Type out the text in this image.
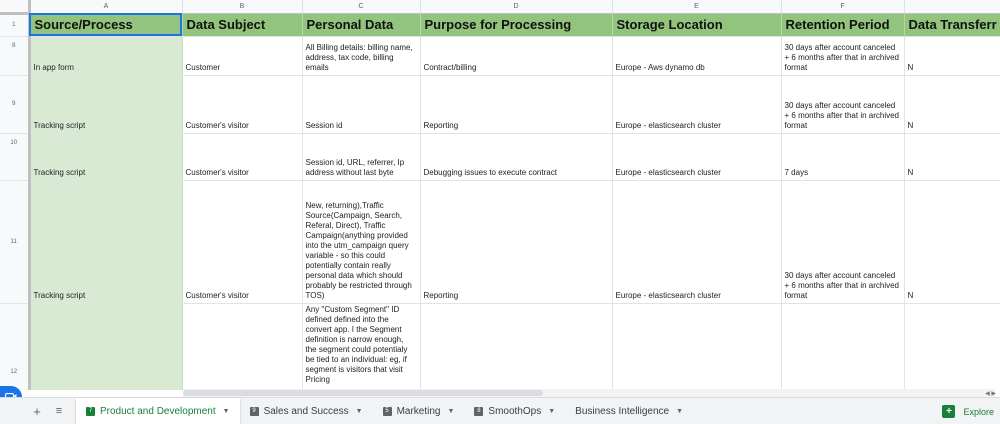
	A	B	C	D	E	F	
1	Source/Process	Data Subject	Personal Data	Purpose for Processing	Storage Location	Retention Period	Data Transferr
8	In app form	Customer	All Billing details: billing name, address, tax code, billing emails	Contract/billing	Europe - Aws dynamo db	30 days after account canceled + 6 months after that in archived format	N
9	Tracking script	Customer's visitor	Session id	Reporting	Europe - elasticsearch cluster	30 days after account canceled + 6 months after that in archived format	N
10	Tracking script	Customer's visitor	Session id, URL, referrer, Ip address without last byte	Debugging issues to execute contract	Europe - elasticsearch cluster	7 days	N
11	Tracking script	Customer's visitor	New, returning),Traffic Source(Campaign, Search, Referal, Direct), Traffic Campaign(anything provided into the utm_campaign query variable - so this could potentially contain really personal data which should probably be restricted through TOS)	Reporting	Europe - elasticsearch cluster	30 days after account canceled + 6 months after that in archived format	N
12			Any "Custom Segment" ID defined defined into the convert app. I the Segment definition is narrow enough, the segment could potentialy be tied to an individual: eg, if segment is visitors that visit Pricing				
◀ ▶
+	≡	7 Product and Development ▼	9 Sales and Success ▼	5 Marketing ▼	8 SmoothOps ▼ Business Intelligence ▼	+	Explore
